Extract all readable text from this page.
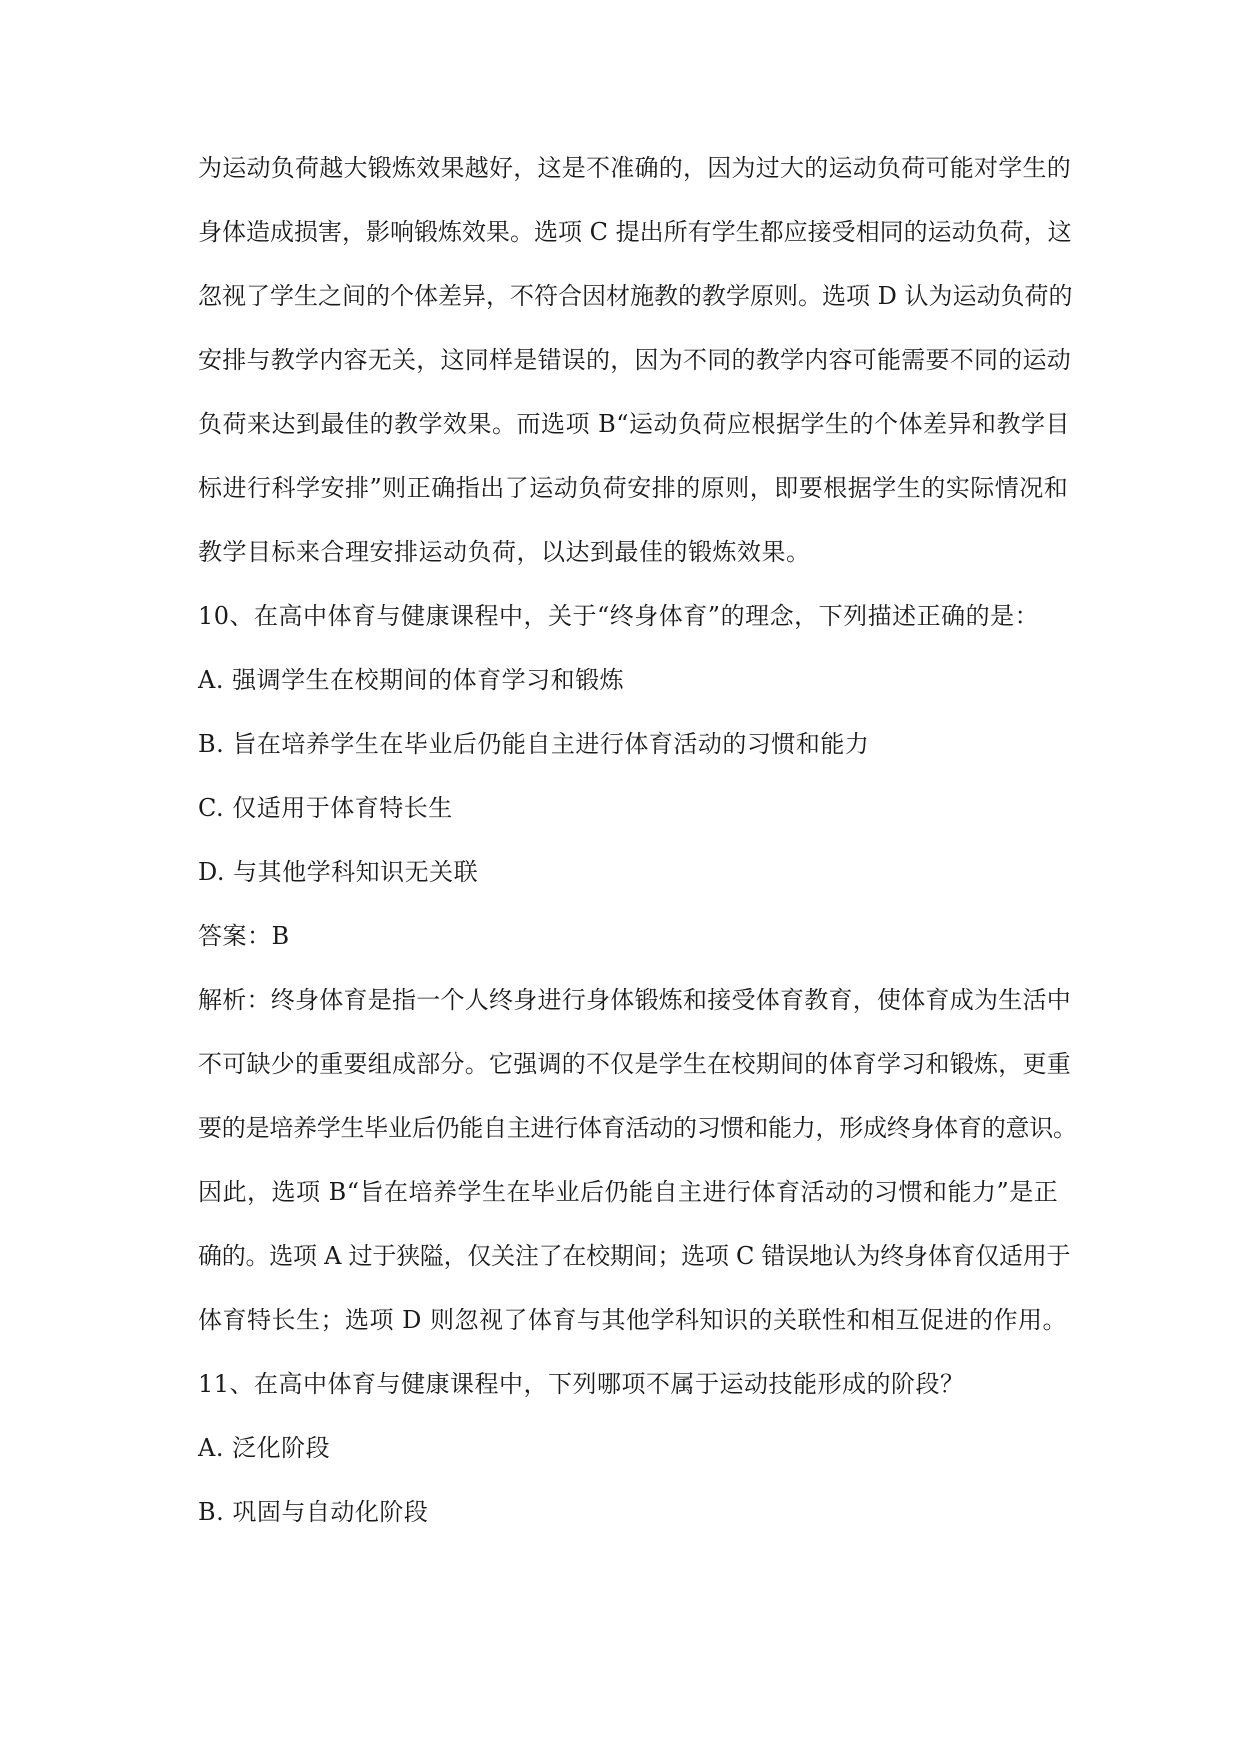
为运动负荷越大锻炼效果越好，这是不准确的，因为过大的运动负荷可能对学生的
身体造成损害，影响锻炼效果。选项 C 提出所有学生都应接受相同的运动负荷，这
忽视了学生之间的个体差异，不符合因材施教的教学原则。选项 D 认为运动负荷的
安排与教学内容无关，这同样是错误的，因为不同的教学内容可能需要不同的运动
负荷来达到最佳的教学效果。而选项 B“运动负荷应根据学生的个体差异和教学目
标进行科学安排”则正确指出了运动负荷安排的原则，即要根据学生的实际情况和
教学目标来合理安排运动负荷，以达到最佳的锻炼效果。
10、在高中体育与健康课程中，关于“终身体育”的理念，下列描述正确的是：
A. 强调学生在校期间的体育学习和锻炼
B. 旨在培养学生在毕业后仍能自主进行体育活动的习惯和能力
C. 仅适用于体育特长生
D. 与其他学科知识无关联
答案：B
解析：终身体育是指一个人终身进行身体锻炼和接受体育教育，使体育成为生活中
不可缺少的重要组成部分。它强调的不仅是学生在校期间的体育学习和锻炼，更重
要的是培养学生毕业后仍能自主进行体育活动的习惯和能力，形成终身体育的意识。
因此，选项 B“旨在培养学生在毕业后仍能自主进行体育活动的习惯和能力”是正
确的。选项 A 过于狭隘，仅关注了在校期间；选项 C 错误地认为终身体育仅适用于
体育特长生；选项 D 则忽视了体育与其他学科知识的关联性和相互促进的作用。
11、在高中体育与健康课程中，下列哪项不属于运动技能形成的阶段？
A. 泛化阶段
B. 巩固与自动化阶段
